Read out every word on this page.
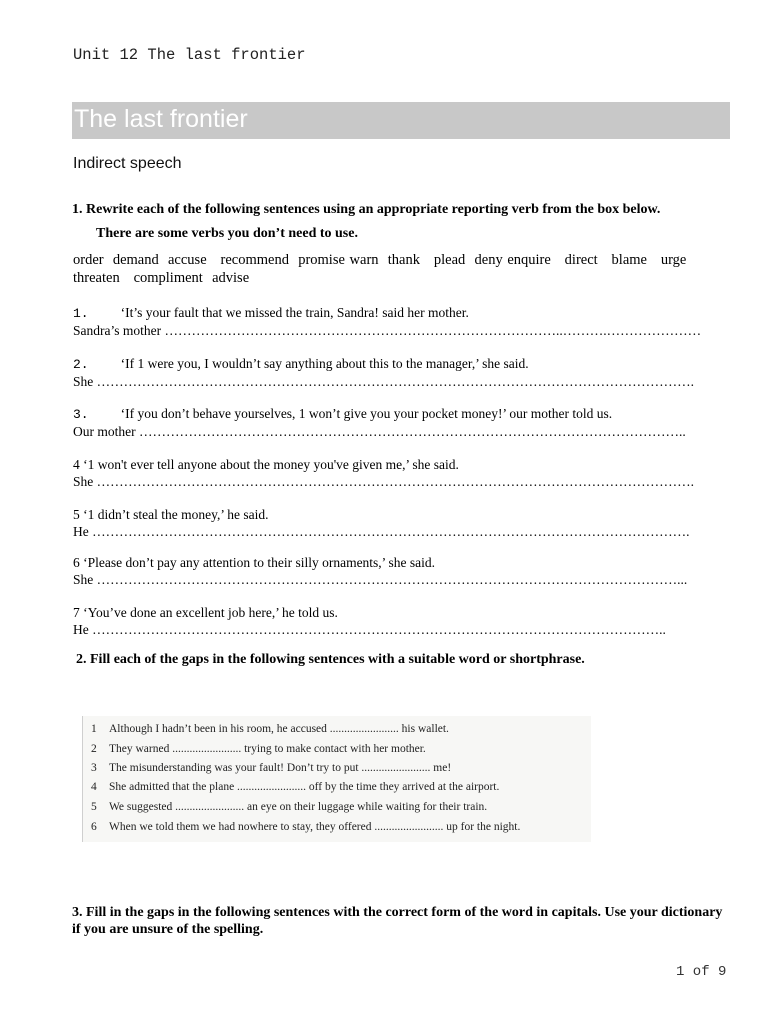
Unit 12 The last frontier
The last frontier
Indirect speech
1. Rewrite each of the following sentences using an appropriate reporting verb from the box below.
There are some verbs you don’t need to use.
order  demand  accuse   recommend  promise warn  thank   plead  deny enquire   direct   blame   urge
threaten   compliment  advise
1. ‘It’s your fault that we missed the train, Sandra! said her mother.
Sandra’s mother ……………………………………………………………………………..……….…………………
2. ‘If 1 were you, I wouldn’t say anything about this to the manager,’ she said.
She …………………………………………………………………………………………………………………….
3. ‘If you don’t behave yourselves, 1 won’t give you your pocket money!’ our mother told us.
Our mother …………………………………………………………………………………………………………..
4 ‘1 won't ever tell anyone about the money you've given me,’ she said.
She …………………………………………………………………………………………………………………….
5 ‘1 didn’t steal the money,’ he said.
He …………………………………………………………………………………………………………………….
6 ‘Please don’t pay any attention to their silly ornaments,’ she said.
She …………………………………………………………………………………………………………………...
7 ‘You’ve done an excellent job here,’ he told us.
He ………………………………………………………………………………………………………………..
2. Fill each of the gaps in the following sentences with a suitable word or shortphrase.
1 Although I hadn’t been in his room, he accused ........................ his wallet.
2 They warned ........................ trying to make contact with her mother.
3 The misunderstanding was your fault! Don’t try to put ........................ me!
4 She admitted that the plane ........................ off by the time they arrived at the airport.
5 We suggested ........................ an eye on their luggage while waiting for their train.
6 When we told them we had nowhere to stay, they offered ........................ up for the night.
3. Fill in the gaps in the following sentences with the correct form of the word in capitals. Use your dictionary if you are unsure of the spelling.
1 of 9
